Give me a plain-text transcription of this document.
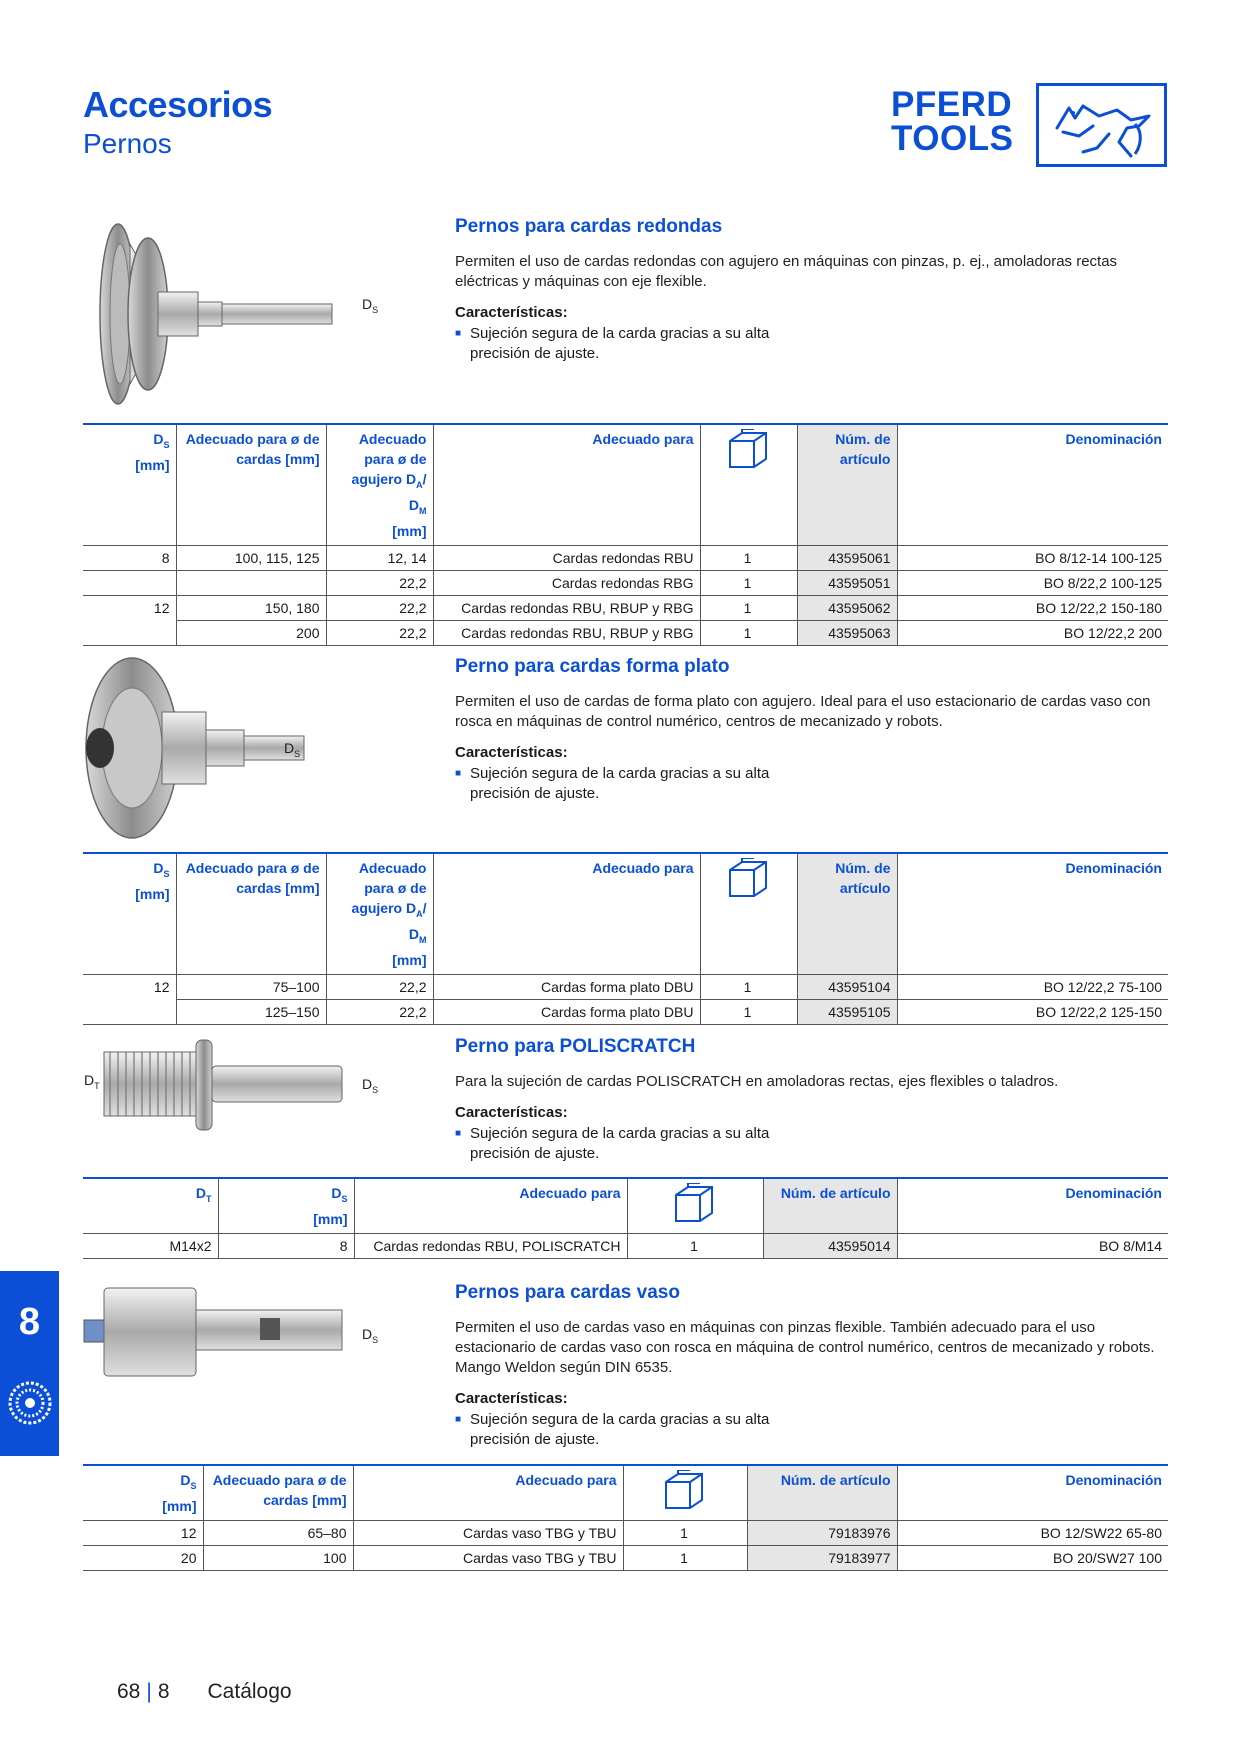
Accesorios
Pernos
PFERD
TOOLS
$D_S$
Pernos para cardas redondas
Permiten el uso de cardas redondas con agujero en máquinas con pinzas, p. ej., amoladoras rectas eléctricas y máquinas con eje flexible.
Características:
■ Sujeción segura de la carda gracias a su alta precisión de ajuste.
$D_S$
[mm]	Adecuado para ø de cardas [mm]	Adecuado para ø de agujero $D_A/$ $D_M$
[mm]	Adecuado para		Núm. de artículo	Denominación
8	100, 115, 125	12, 14	Cardas redondas RBU	1	43595061	BO 8/12-14 100-125
		22,2	Cardas redondas RBG	1	43595051	BO 8/22,2 100-125
12	150, 180	22,2	Cardas redondas RBU, RBUP y RBG	1	43595062	BO 12/22,2 150-180
	200	22,2	Cardas redondas RBU, RBUP y RBG	1	43595063	BO 12/22,2 200
$D_S$
Perno para cardas forma plato
Permiten el uso de cardas de forma plato con agujero. Ideal para el uso estacionario de cardas vaso con rosca en máquinas de control numérico, centros de mecanizado y robots.
Características:
■ Sujeción segura de la carda gracias a su alta precisión de ajuste.
$D_S$
[mm]	Adecuado para ø de cardas [mm]	Adecuado para ø de agujero $D_A/$ $D_M$
[mm]	Adecuado para		Núm. de artículo	Denominación
12	75–100	22,2	Cardas forma plato DBU	1	43595104	BO 12/22,2 75-100
	125–150	22,2	Cardas forma plato DBU	1	43595105	BO 12/22,2 125-150
$D_T$	$D_S$
Perno para POLISCRATCH
Para la sujeción de cardas POLISCRATCH en amoladoras rectas, ejes flexibles o taladros.
Características:
■ Sujeción segura de la carda gracias a su alta precisión de ajuste.
$D_T$	$D_S$
[mm]	Adecuado para		Núm. de artículo	Denominación
M14x2	8	Cardas redondas RBU, POLISCRATCH	1	43595014	BO 8/M14
$D_S$
Pernos para cardas vaso
Permiten el uso de cardas vaso en máquinas con pinzas flexible. También adecuado para el uso estacionario de cardas vaso con rosca en máquina de control numérico, centros de mecanizado y robots. Mango Weldon según DIN 6535.
Características:
■ Sujeción segura de la carda gracias a su alta precisión de ajuste.
$D_S$
[mm]	Adecuado para ø de cardas [mm]	Adecuado para		Núm. de artículo	Denominación
12	65–80	Cardas vaso TBG y TBU	1	79183976	BO 12/SW22 65-80
20	100	Cardas vaso TBG y TBU	1	79183977	BO 20/SW27 100
8
68 | 8 Catálogo
